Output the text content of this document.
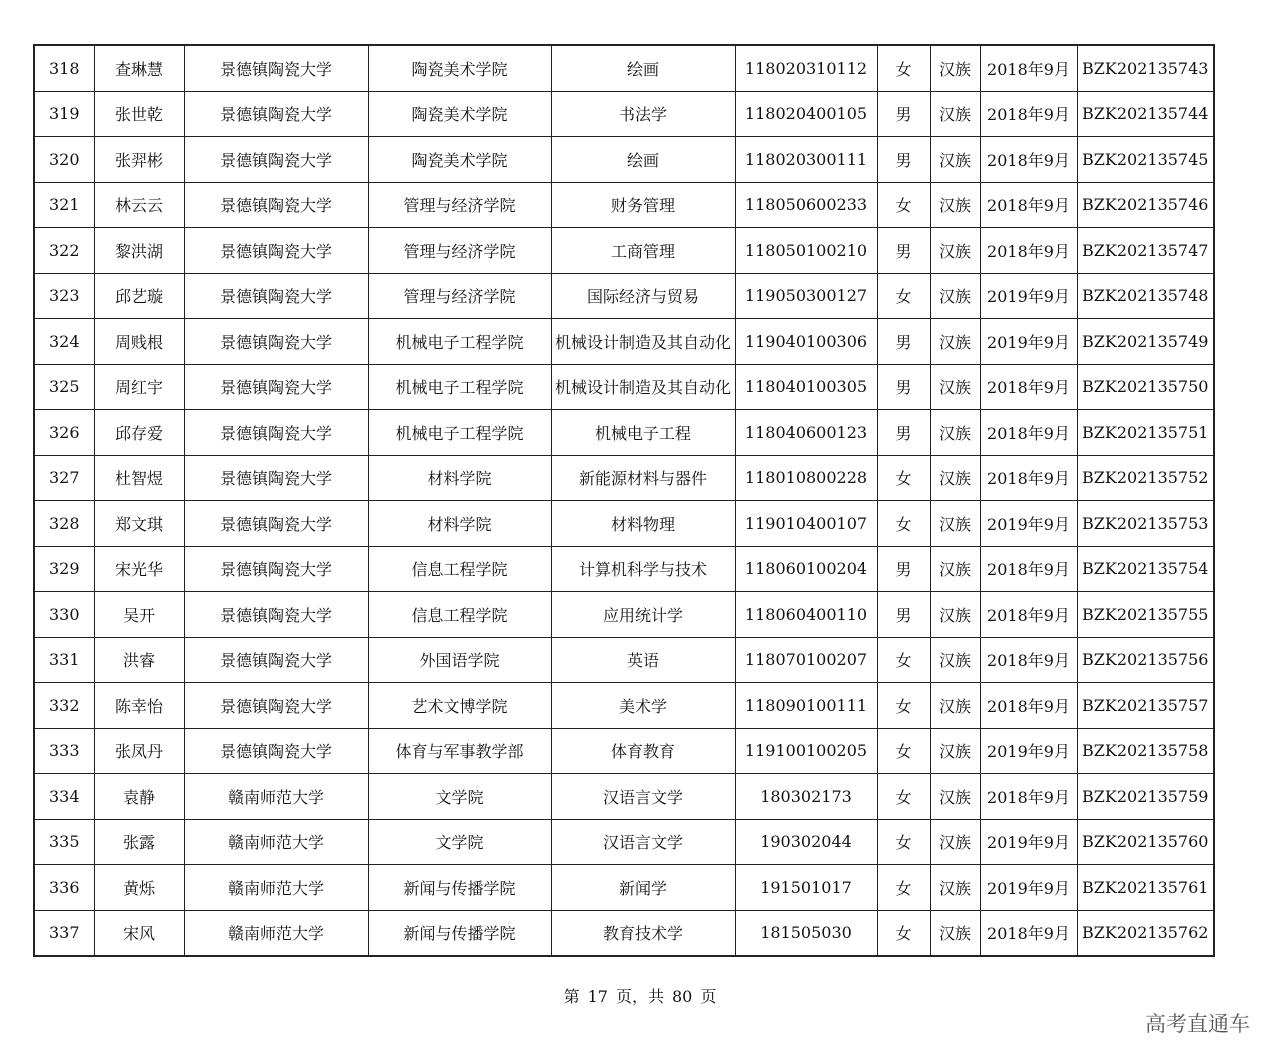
318	查琳慧	景德镇陶瓷大学	陶瓷美术学院	绘画	118020310112	女	汉族	2018年9月	BZK202135743
319	张世乾	景德镇陶瓷大学	陶瓷美术学院	书法学	118020400105	男	汉族	2018年9月	BZK202135744
320	张羿彬	景德镇陶瓷大学	陶瓷美术学院	绘画	118020300111	男	汉族	2018年9月	BZK202135745
321	林云云	景德镇陶瓷大学	管理与经济学院	财务管理	118050600233	女	汉族	2018年9月	BZK202135746
322	黎洪湖	景德镇陶瓷大学	管理与经济学院	工商管理	118050100210	男	汉族	2018年9月	BZK202135747
323	邱艺璇	景德镇陶瓷大学	管理与经济学院	国际经济与贸易	119050300127	女	汉族	2019年9月	BZK202135748
324	周贱根	景德镇陶瓷大学	机械电子工程学院	机械设计制造及其自动化	119040100306	男	汉族	2019年9月	BZK202135749
325	周红宇	景德镇陶瓷大学	机械电子工程学院	机械设计制造及其自动化	118040100305	男	汉族	2018年9月	BZK202135750
326	邱存爱	景德镇陶瓷大学	机械电子工程学院	机械电子工程	118040600123	男	汉族	2018年9月	BZK202135751
327	杜智煜	景德镇陶瓷大学	材料学院	新能源材料与器件	118010800228	女	汉族	2018年9月	BZK202135752
328	郑文琪	景德镇陶瓷大学	材料学院	材料物理	119010400107	女	汉族	2019年9月	BZK202135753
329	宋光华	景德镇陶瓷大学	信息工程学院	计算机科学与技术	118060100204	男	汉族	2018年9月	BZK202135754
330	吴开	景德镇陶瓷大学	信息工程学院	应用统计学	118060400110	男	汉族	2018年9月	BZK202135755
331	洪睿	景德镇陶瓷大学	外国语学院	英语	118070100207	女	汉族	2018年9月	BZK202135756
332	陈幸怡	景德镇陶瓷大学	艺术文博学院	美术学	118090100111	女	汉族	2018年9月	BZK202135757
333	张凤丹	景德镇陶瓷大学	体育与军事教学部	体育教育	119100100205	女	汉族	2019年9月	BZK202135758
334	袁静	赣南师范大学	文学院	汉语言文学	180302173	女	汉族	2018年9月	BZK202135759
335	张露	赣南师范大学	文学院	汉语言文学	190302044	女	汉族	2019年9月	BZK202135760
336	黄烁	赣南师范大学	新闻与传播学院	新闻学	191501017	女	汉族	2019年9月	BZK202135761
337	宋风	赣南师范大学	新闻与传播学院	教育技术学	181505030	女	汉族	2018年9月	BZK202135762
第 17 页，共 80 页
高考直通车
